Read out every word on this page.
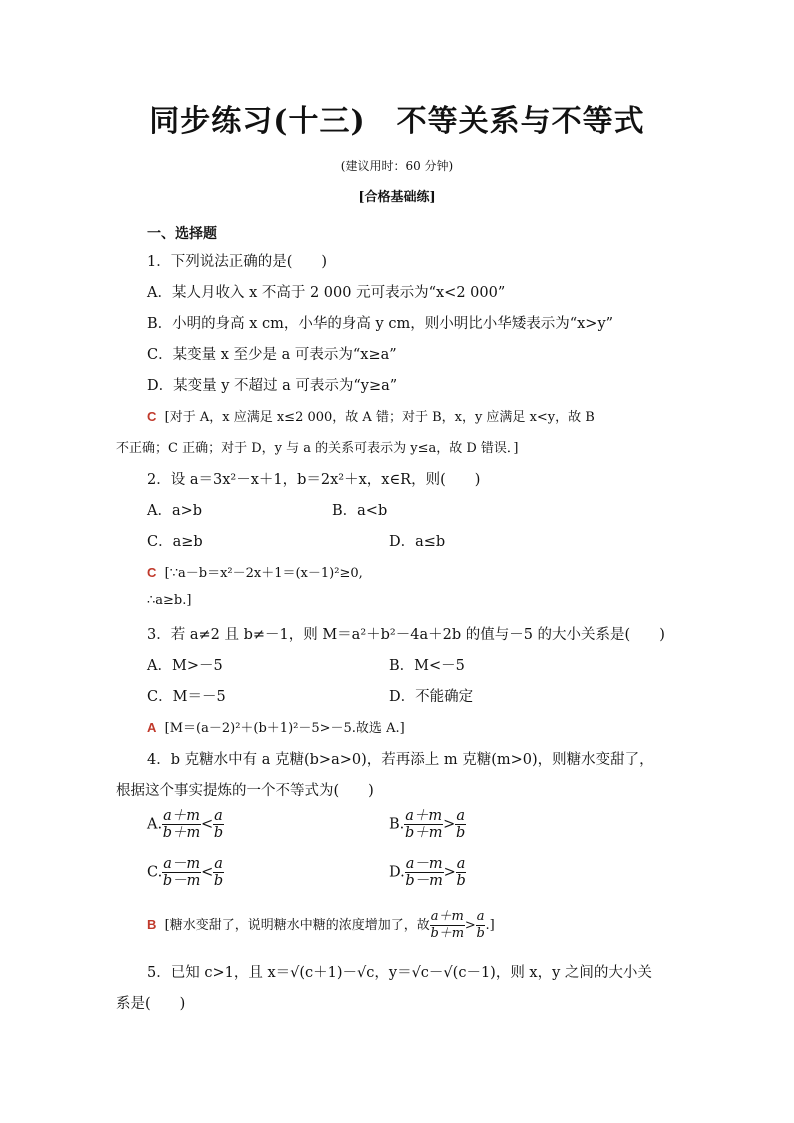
同步练习(十三)　不等关系与不等式
(建议用时：60 分钟)
[合格基础练]
一、选择题
1．下列说法正确的是(　　)
A．某人月收入 x 不高于 2 000 元可表示为“x<2 000”
B．小明的身高 x cm，小华的身高 y cm，则小明比小华矮表示为“x>y”
C．某变量 x 至少是 a 可表示为“x≥a”
D．某变量 y 不超过 a 可表示为“y≥a”
C [对于 A，x 应满足 x≤2 000，故 A 错；对于 B，x，y 应满足 x<y，故 B
不正确；C 正确；对于 D，y 与 a 的关系可表示为 y≤a，故 D 错误．]
2．设 a＝3x²－x＋1，b＝2x²＋x，x∈R，则(　　)
A．a>b	B．a<b
C．a≥b	D．a≤b
C [∵a－b＝x²－2x＋1＝(x－1)²≥0,
∴a≥b.]
3．若 a≠2 且 b≠－1，则 M＝a²＋b²－4a＋2b 的值与－5 的大小关系是(　　)
A．M>－5	B．M<－5
C．M＝－5	D．不能确定
A [M＝(a－2)²＋(b＋1)²－5>－5.故选 A.]
4．b 克糖水中有 a 克糖(b>a>0)，若再添上 m 克糖(m>0)，则糖水变甜了，
根据这个事实提炼的一个不等式为(　　)
A. $\frac{a+m}{b+m} < \frac{a}{b}$	B. $\frac{a+m}{b+m} > \frac{a}{b}$
C. $\frac{a-m}{b-m} < \frac{a}{b}$	D. $\frac{a-m}{b-m} > \frac{a}{b}$
B [糖水变甜了，说明糖水中糖的浓度增加了，故 $\frac{a+m}{b+m} > \frac{a}{b}$ .]
5．已知 c>1，且 x＝√(c＋1)－√c，y＝√c－√(c－1)，则 x，y 之间的大小关
系是(　　)
